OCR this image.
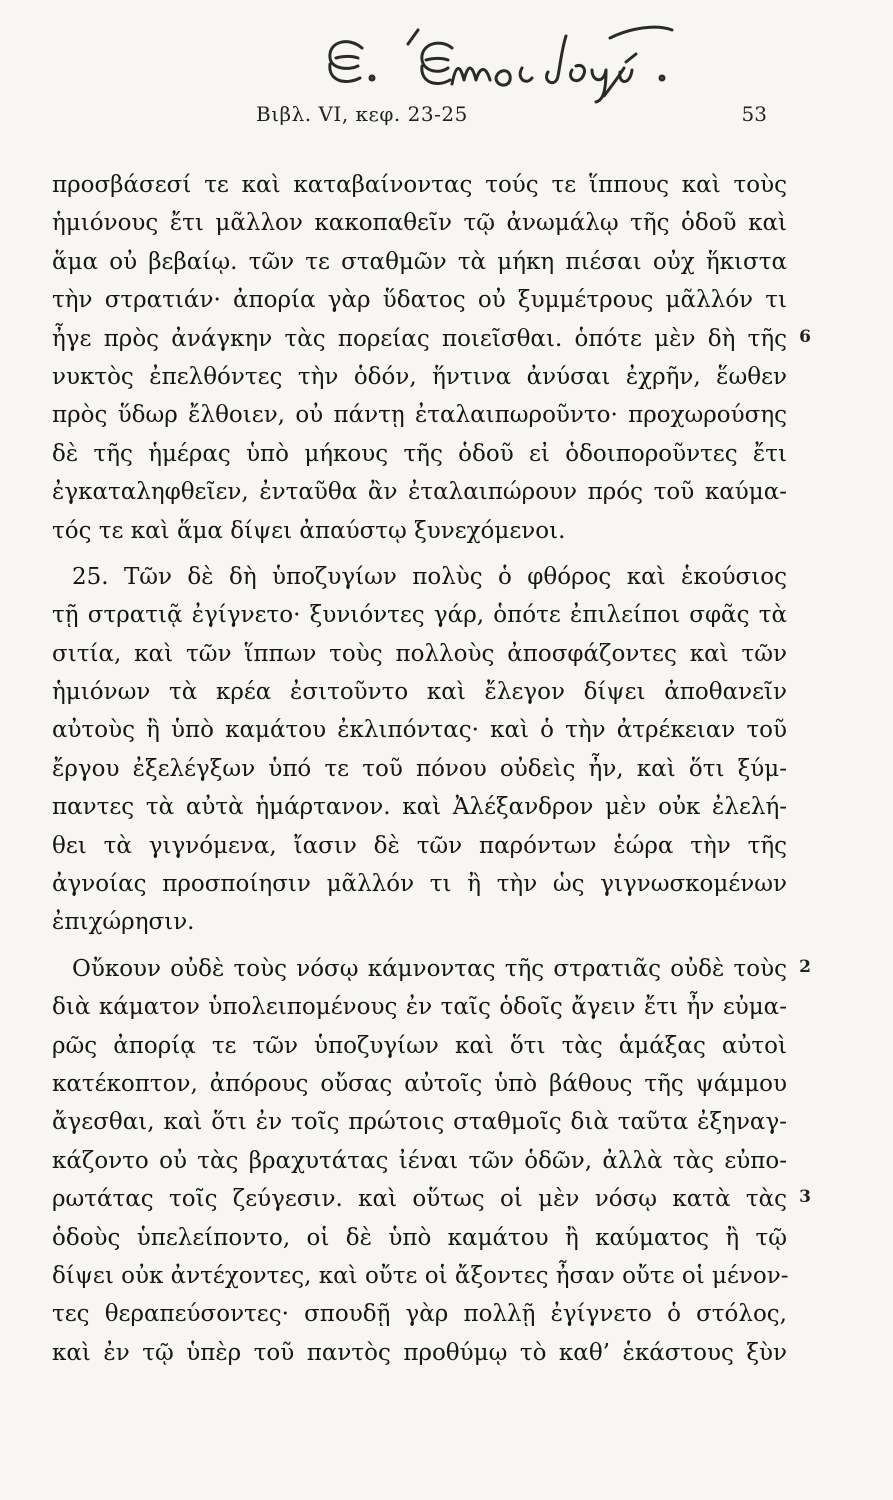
Βιβλ. VI, κεφ. 23-25	53
προσβάσεσί τε καὶ καταβαίνοντας τούς τε ἵππους καὶ τοὺς
ἡμιόνους ἔτι μᾶλλον κακοπαθεῖν τῷ ἀνωμάλῳ τῆς ὁδοῦ καὶ
ἅμα οὐ βεβαίῳ. τῶν τε σταθμῶν τὰ μήκη πιέσαι οὐχ ἥκιστα
τὴν στρατιάν· ἀπορία γὰρ ὕδατος οὐ ξυμμέτρους μᾶλλόν τι
ἦγε πρὸς ἀνάγκην τὰς πορείας ποιεῖσθαι. ὁπότε μὲν δὴ τῆς 6
νυκτὸς ἐπελθόντες τὴν ὁδόν, ἥντινα ἀνύσαι ἐχρῆν, ἕωθεν
πρὸς ὕδωρ ἔλθοιεν, οὐ πάντῃ ἐταλαιπωροῦντο· προχωρούσης
δὲ τῆς ἡμέρας ὑπὸ μήκους τῆς ὁδοῦ εἰ ὁδοιποροῦντες ἔτι
ἐγκαταληφθεῖεν, ἐνταῦθα ἂν ἐταλαιπώρουν πρός τοῦ καύμα-
τός τε καὶ ἅμα δίψει ἀπαύστῳ ξυνεχόμενοι.
25. Τῶν δὲ δὴ ὑποζυγίων πολὺς ὁ φθόρος καὶ ἑκούσιος
τῇ στρατιᾷ ἐγίγνετο· ξυνιόντες γάρ, ὁπότε ἐπιλείποι σφᾶς τὰ
σιτία, καὶ τῶν ἵππων τοὺς πολλοὺς ἀποσφάζοντες καὶ τῶν
ἡμιόνων τὰ κρέα ἐσιτοῦντο καὶ ἔλεγον δίψει ἀποθανεῖν
αὐτοὺς ἢ ὑπὸ καμάτου ἐκλιπόντας· καὶ ὁ τὴν ἀτρέκειαν τοῦ
ἔργου ἐξελέγξων ὑπό τε τοῦ πόνου οὐδεὶς ἦν, καὶ ὅτι ξύμ-
παντες τὰ αὐτὰ ἡμάρτανον. καὶ Ἀλέξανδρον μὲν οὐκ ἐλελή-
θει τὰ γιγνόμενα, ἴασιν δὲ τῶν παρόντων ἑώρα τὴν τῆς
ἀγνοίας προσποίησιν μᾶλλόν τι ἢ τὴν ὡς γιγνωσκομένων
ἐπιχώρησιν.
Οὔκουν οὐδὲ τοὺς νόσῳ κάμνοντας τῆς στρατιᾶς οὐδὲ τοὺς 2
διὰ κάματον ὑπολειπομένους ἐν ταῖς ὁδοῖς ἄγειν ἔτι ἦν εὐμα-
ρῶς ἀπορίᾳ τε τῶν ὑποζυγίων καὶ ὅτι τὰς ἁμάξας αὐτοὶ
κατέκοπτον, ἀπόρους οὔσας αὐτοῖς ὑπὸ βάθους τῆς ψάμμου
ἄγεσθαι, καὶ ὅτι ἐν τοῖς πρώτοις σταθμοῖς διὰ ταῦτα ἐξηναγ-
κάζοντο οὐ τὰς βραχυτάτας ἰέναι τῶν ὁδῶν, ἀλλὰ τὰς εὐπο-
ρωτάτας τοῖς ζεύγεσιν. καὶ οὕτως οἱ μὲν νόσῳ κατὰ τὰς 3
ὁδοὺς ὑπελείποντο, οἱ δὲ ὑπὸ καμάτου ἢ καύματος ἢ τῷ
δίψει οὐκ ἀντέχοντες, καὶ οὔτε οἱ ἄξοντες ἦσαν οὔτε οἱ μένον-
τες θεραπεύσοντες· σπουδῇ γὰρ πολλῇ ἐγίγνετο ὁ στόλος,
καὶ ἐν τῷ ὑπὲρ τοῦ παντὸς προθύμῳ τὸ καθ’ ἑκάστους ξὺν
